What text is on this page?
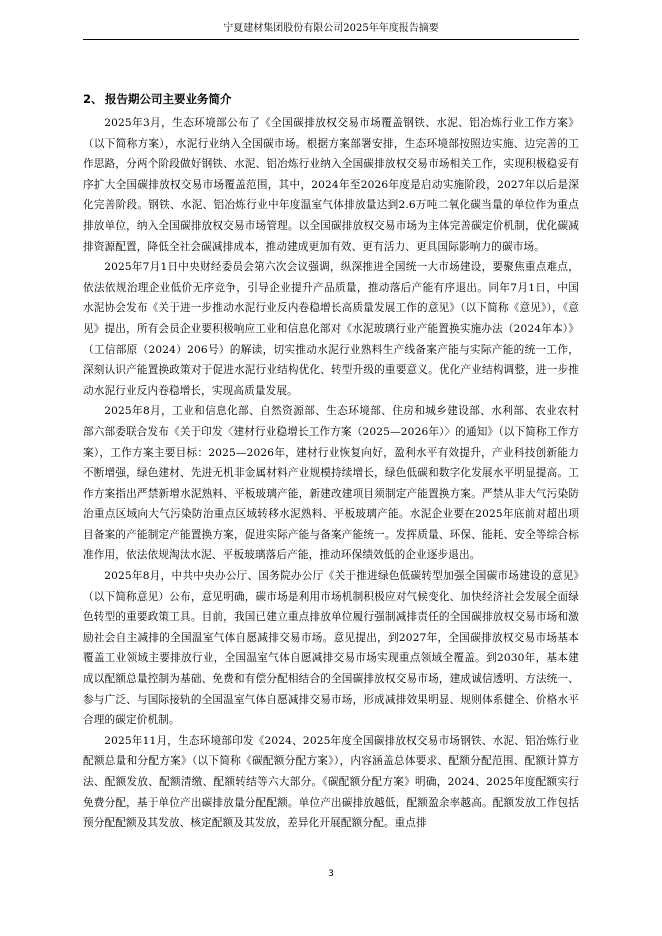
宁夏建材集团股份有限公司2025年年度报告摘要
2、 报告期公司主要业务简介

2025年3月，生态环境部公布了《全国碳排放权交易市场覆盖钢铁、水泥、铝冶炼行业工作方案》（以下简称方案），水泥行业纳入全国碳市场。根据方案部署安排，生态环境部按照边实施、边完善的工作思路，分两个阶段做好钢铁、水泥、铝冶炼行业纳入全国碳排放权交易市场相关工作，实现积极稳妥有序扩大全国碳排放权交易市场覆盖范围，其中，2024年至2026年度是启动实施阶段，2027年以后是深化完善阶段。钢铁、水泥、铝冶炼行业中年度温室气体排放量达到2.6万吨二氧化碳当量的单位作为重点排放单位，纳入全国碳排放权交易市场管理。以全国碳排放权交易市场为主体完善碳定价机制，优化碳减排资源配置，降低全社会碳减排成本，推动建成更加有效、更有活力、更具国际影响力的碳市场。

2025年7月1日中央财经委员会第六次会议强调，纵深推进全国统一大市场建设，要聚焦重点难点，依法依规治理企业低价无序竞争，引导企业提升产品质量，推动落后产能有序退出。同年7月1日，中国水泥协会发布《关于进一步推动水泥行业反内卷稳增长高质量发展工作的意见》（以下简称《意见》），《意见》提出，所有会员企业要积极响应工业和信息化部对《水泥玻璃行业产能置换实施办法（2024年本）》（工信部原（2024）206号）的解读，切实推动水泥行业熟料生产线备案产能与实际产能的统一工作，深刻认识产能置换政策对于促进水泥行业结构优化、转型升级的重要意义。优化产业结构调整，进一步推动水泥行业反内卷稳增长，实现高质量发展。

2025年8月，工业和信息化部、自然资源部、生态环境部、住房和城乡建设部、水利部、农业农村部六部委联合发布《关于印发〈建材行业稳增长工作方案（2025—2026年）〉的通知》（以下简称工作方案），工作方案主要目标：2025—2026年，建材行业恢复向好，盈利水平有效提升，产业科技创新能力不断增强，绿色建材、先进无机非金属材料产业规模持续增长，绿色低碳和数字化发展水平明显提高。工作方案指出严禁新增水泥熟料、平板玻璃产能，新建改建项目须制定产能置换方案。严禁从非大气污染防治重点区域向大气污染防治重点区域转移水泥熟料、平板玻璃产能。水泥企业要在2025年底前对超出项目备案的产能制定产能置换方案，促进实际产能与备案产能统一。发挥质量、环保、能耗、安全等综合标准作用，依法依规淘汰水泥、平板玻璃落后产能，推动环保绩效低的企业逐步退出。

2025年8月，中共中央办公厅、国务院办公厅《关于推进绿色低碳转型加强全国碳市场建设的意见》（以下简称意见）公布，意见明确，碳市场是利用市场机制积极应对气候变化、加快经济社会发展全面绿色转型的重要政策工具。目前，我国已建立重点排放单位履行强制减排责任的全国碳排放权交易市场和激励社会自主减排的全国温室气体自愿减排交易市场。意见提出，到2027年，全国碳排放权交易市场基本覆盖工业领域主要排放行业，全国温室气体自愿减排交易市场实现重点领域全覆盖。到2030年，基本建成以配额总量控制为基础、免费和有偿分配相结合的全国碳排放权交易市场，建成诚信透明、方法统一、参与广泛、与国际接轨的全国温室气体自愿减排交易市场，形成减排效果明显、规则体系健全、价格水平合理的碳定价机制。

2025年11月，生态环境部印发《2024、2025年度全国碳排放权交易市场钢铁、水泥、铝冶炼行业配额总量和分配方案》（以下简称《碳配额分配方案》），内容涵盖总体要求、配额分配范围、配额计算方法、配额发放、配额清缴、配额转结等六大部分。《碳配额分配方案》明确，2024、2025年度配额实行免费分配，基于单位产出碳排放量分配配额。单位产出碳排放越低，配额盈余率越高。配额发放工作包括预分配配额及其发放、核定配额及其发放，差异化开展配额分配。重点排

3
